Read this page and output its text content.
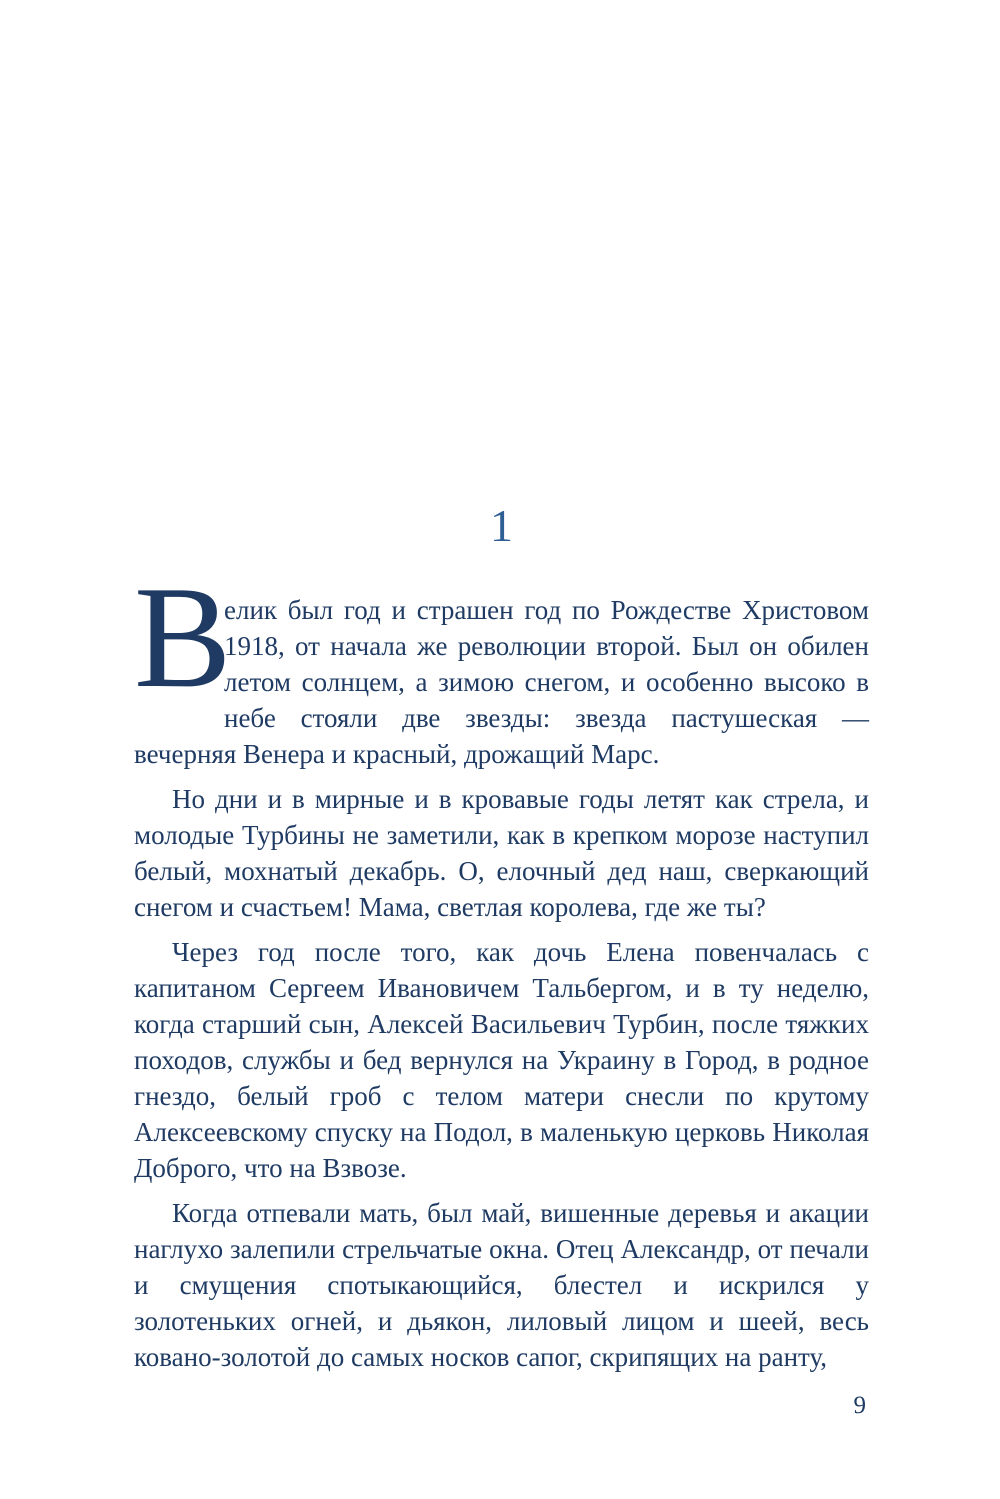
1

В
елик был год и страшен год по Рождестве Христовом 1918, от начала же революции второй. Был он обилен летом солнцем, а зимою снегом, и особенно высоко в небе стояли две звезды: звезда пастушеская — вечерняя Венера и красный, дрожащий Марс.

Но дни и в мирные и в кровавые годы летят как стрела, и молодые Турбины не заметили, как в крепком морозе наступил белый, мохнатый декабрь. О, елочный дед наш, сверкающий снегом и счастьем! Мама, светлая королева, где же ты?

Через год после того, как дочь Елена повенчалась с капитаном Сергеем Ивановичем Тальбергом, и в ту неделю, когда старший сын, Алексей Васильевич Турбин, после тяжких походов, службы и бед вернулся на Украину в Город, в родное гнездо, белый гроб с телом матери снесли по крутому Алексеевскому спуску на Подол, в маленькую церковь Николая Доброго, что на Взвозе.

Когда отпевали мать, был май, вишенные деревья и акации наглухо залепили стрельчатые окна. Отец Александр, от печали и смущения спотыкающийся, блестел и искрился у золотеньких огней, и дьякон, лиловый лицом и шеей, весь ковано-золотой до самых носков сапог, скрипящих на ранту,

9
